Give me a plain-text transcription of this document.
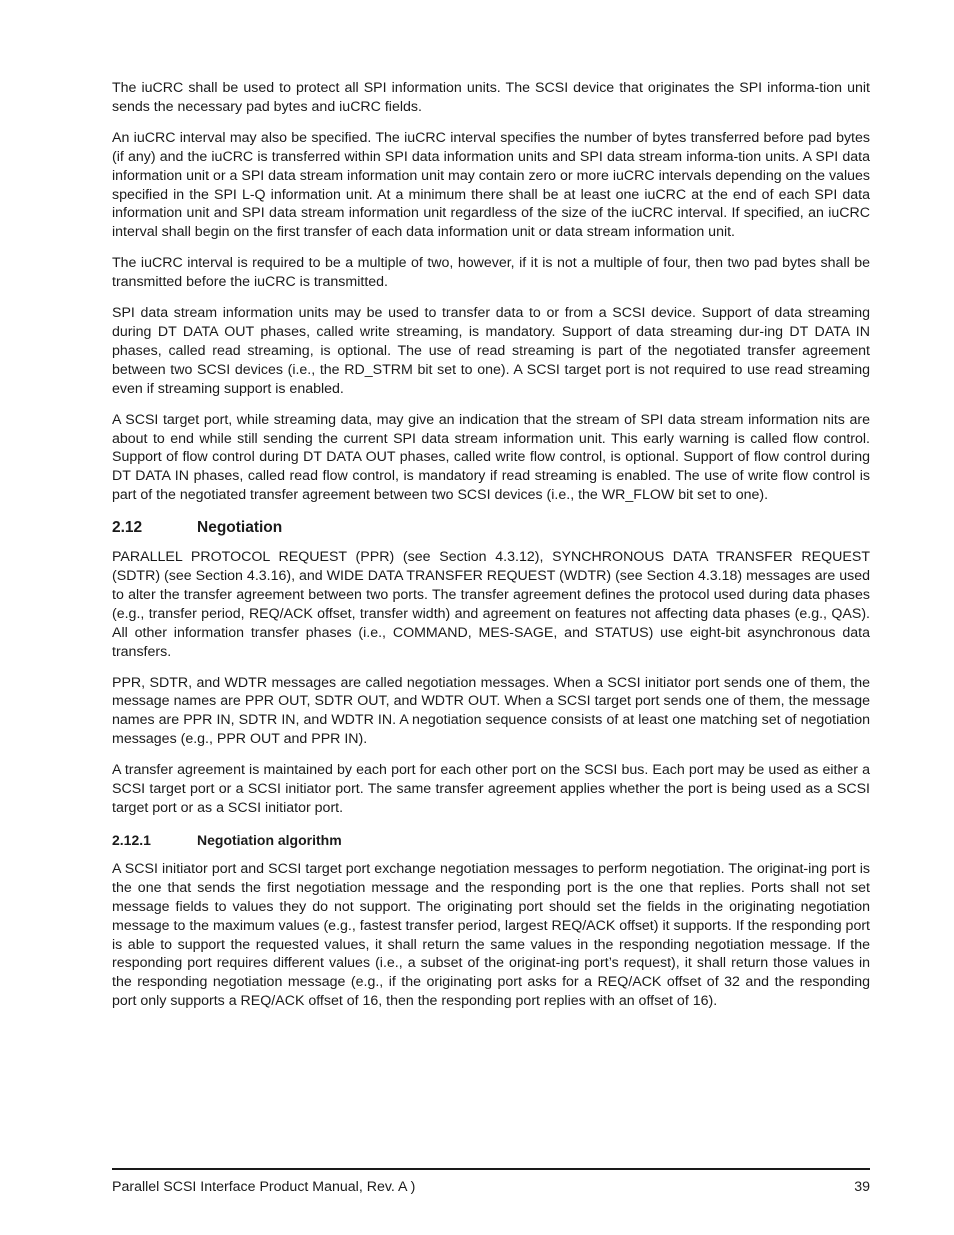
The iuCRC shall be used to protect all SPI information units. The SCSI device that originates the SPI informa-tion unit sends the necessary pad bytes and iuCRC fields.

An iuCRC interval may also be specified. The iuCRC interval specifies the number of bytes transferred before pad bytes (if any) and the iuCRC is transferred within SPI data information units and SPI data stream informa-tion units. A SPI data information unit or a SPI data stream information unit may contain zero or more iuCRC intervals depending on the values specified in the SPI L-Q information unit. At a minimum there shall be at least one iuCRC at the end of each SPI data information unit and SPI data stream information unit regardless of the size of the iuCRC interval. If specified, an iuCRC interval shall begin on the first transfer of each data information unit or data stream information unit.

The iuCRC interval is required to be a multiple of two, however, if it is not a multiple of four, then two pad bytes shall be transmitted before the iuCRC is transmitted.

SPI data stream information units may be used to transfer data to or from a SCSI device. Support of data streaming during DT DATA OUT phases, called write streaming, is mandatory. Support of data streaming dur-ing DT DATA IN phases, called read streaming, is optional. The use of read streaming is part of the negotiated transfer agreement between two SCSI devices (i.e., the RD_STRM bit set to one). A SCSI target port is not required to use read streaming even if streaming support is enabled.

A SCSI target port, while streaming data, may give an indication that the stream of SPI data stream information nits are about to end while still sending the current SPI data stream information unit. This early warning is called flow control. Support of flow control during DT DATA OUT phases, called write flow control, is optional. Support of flow control during DT DATA IN phases, called read flow control, is mandatory if read streaming is enabled. The use of write flow control is part of the negotiated transfer agreement between two SCSI devices (i.e., the WR_FLOW bit set to one).

2.12	Negotiation

PARALLEL PROTOCOL REQUEST (PPR) (see Section 4.3.12), SYNCHRONOUS DATA TRANSFER REQUEST (SDTR) (see Section 4.3.16), and WIDE DATA TRANSFER REQUEST (WDTR) (see Section 4.3.18) messages are used to alter the transfer agreement between two ports. The transfer agreement defines the protocol used during data phases (e.g., transfer period, REQ/ACK offset, transfer width) and agreement on features not affecting data phases (e.g., QAS). All other information transfer phases (i.e., COMMAND, MES-SAGE, and STATUS) use eight-bit asynchronous data transfers.

PPR, SDTR, and WDTR messages are called negotiation messages. When a SCSI initiator port sends one of them, the message names are PPR OUT, SDTR OUT, and WDTR OUT. When a SCSI target port sends one of them, the message names are PPR IN, SDTR IN, and WDTR IN. A negotiation sequence consists of at least one matching set of negotiation messages (e.g., PPR OUT and PPR IN).

A transfer agreement is maintained by each port for each other port on the SCSI bus. Each port may be used as either a SCSI target port or a SCSI initiator port. The same transfer agreement applies whether the port is being used as a SCSI target port or as a SCSI initiator port.

2.12.1	Negotiation algorithm

A SCSI initiator port and SCSI target port exchange negotiation messages to perform negotiation. The originat-ing port is the one that sends the first negotiation message and the responding port is the one that replies. Ports shall not set message fields to values they do not support. The originating port should set the fields in the originating negotiation message to the maximum values (e.g., fastest transfer period, largest REQ/ACK offset) it supports. If the responding port is able to support the requested values, it shall return the same values in the responding negotiation message. If the responding port requires different values (i.e., a subset of the originat-ing port’s request), it shall return those values in the responding negotiation message (e.g., if the originating port asks for a REQ/ACK offset of 32 and the responding port only supports a REQ/ACK offset of 16, then the responding port replies with an offset of 16).

Parallel SCSI Interface Product Manual, Rev. A )	39
